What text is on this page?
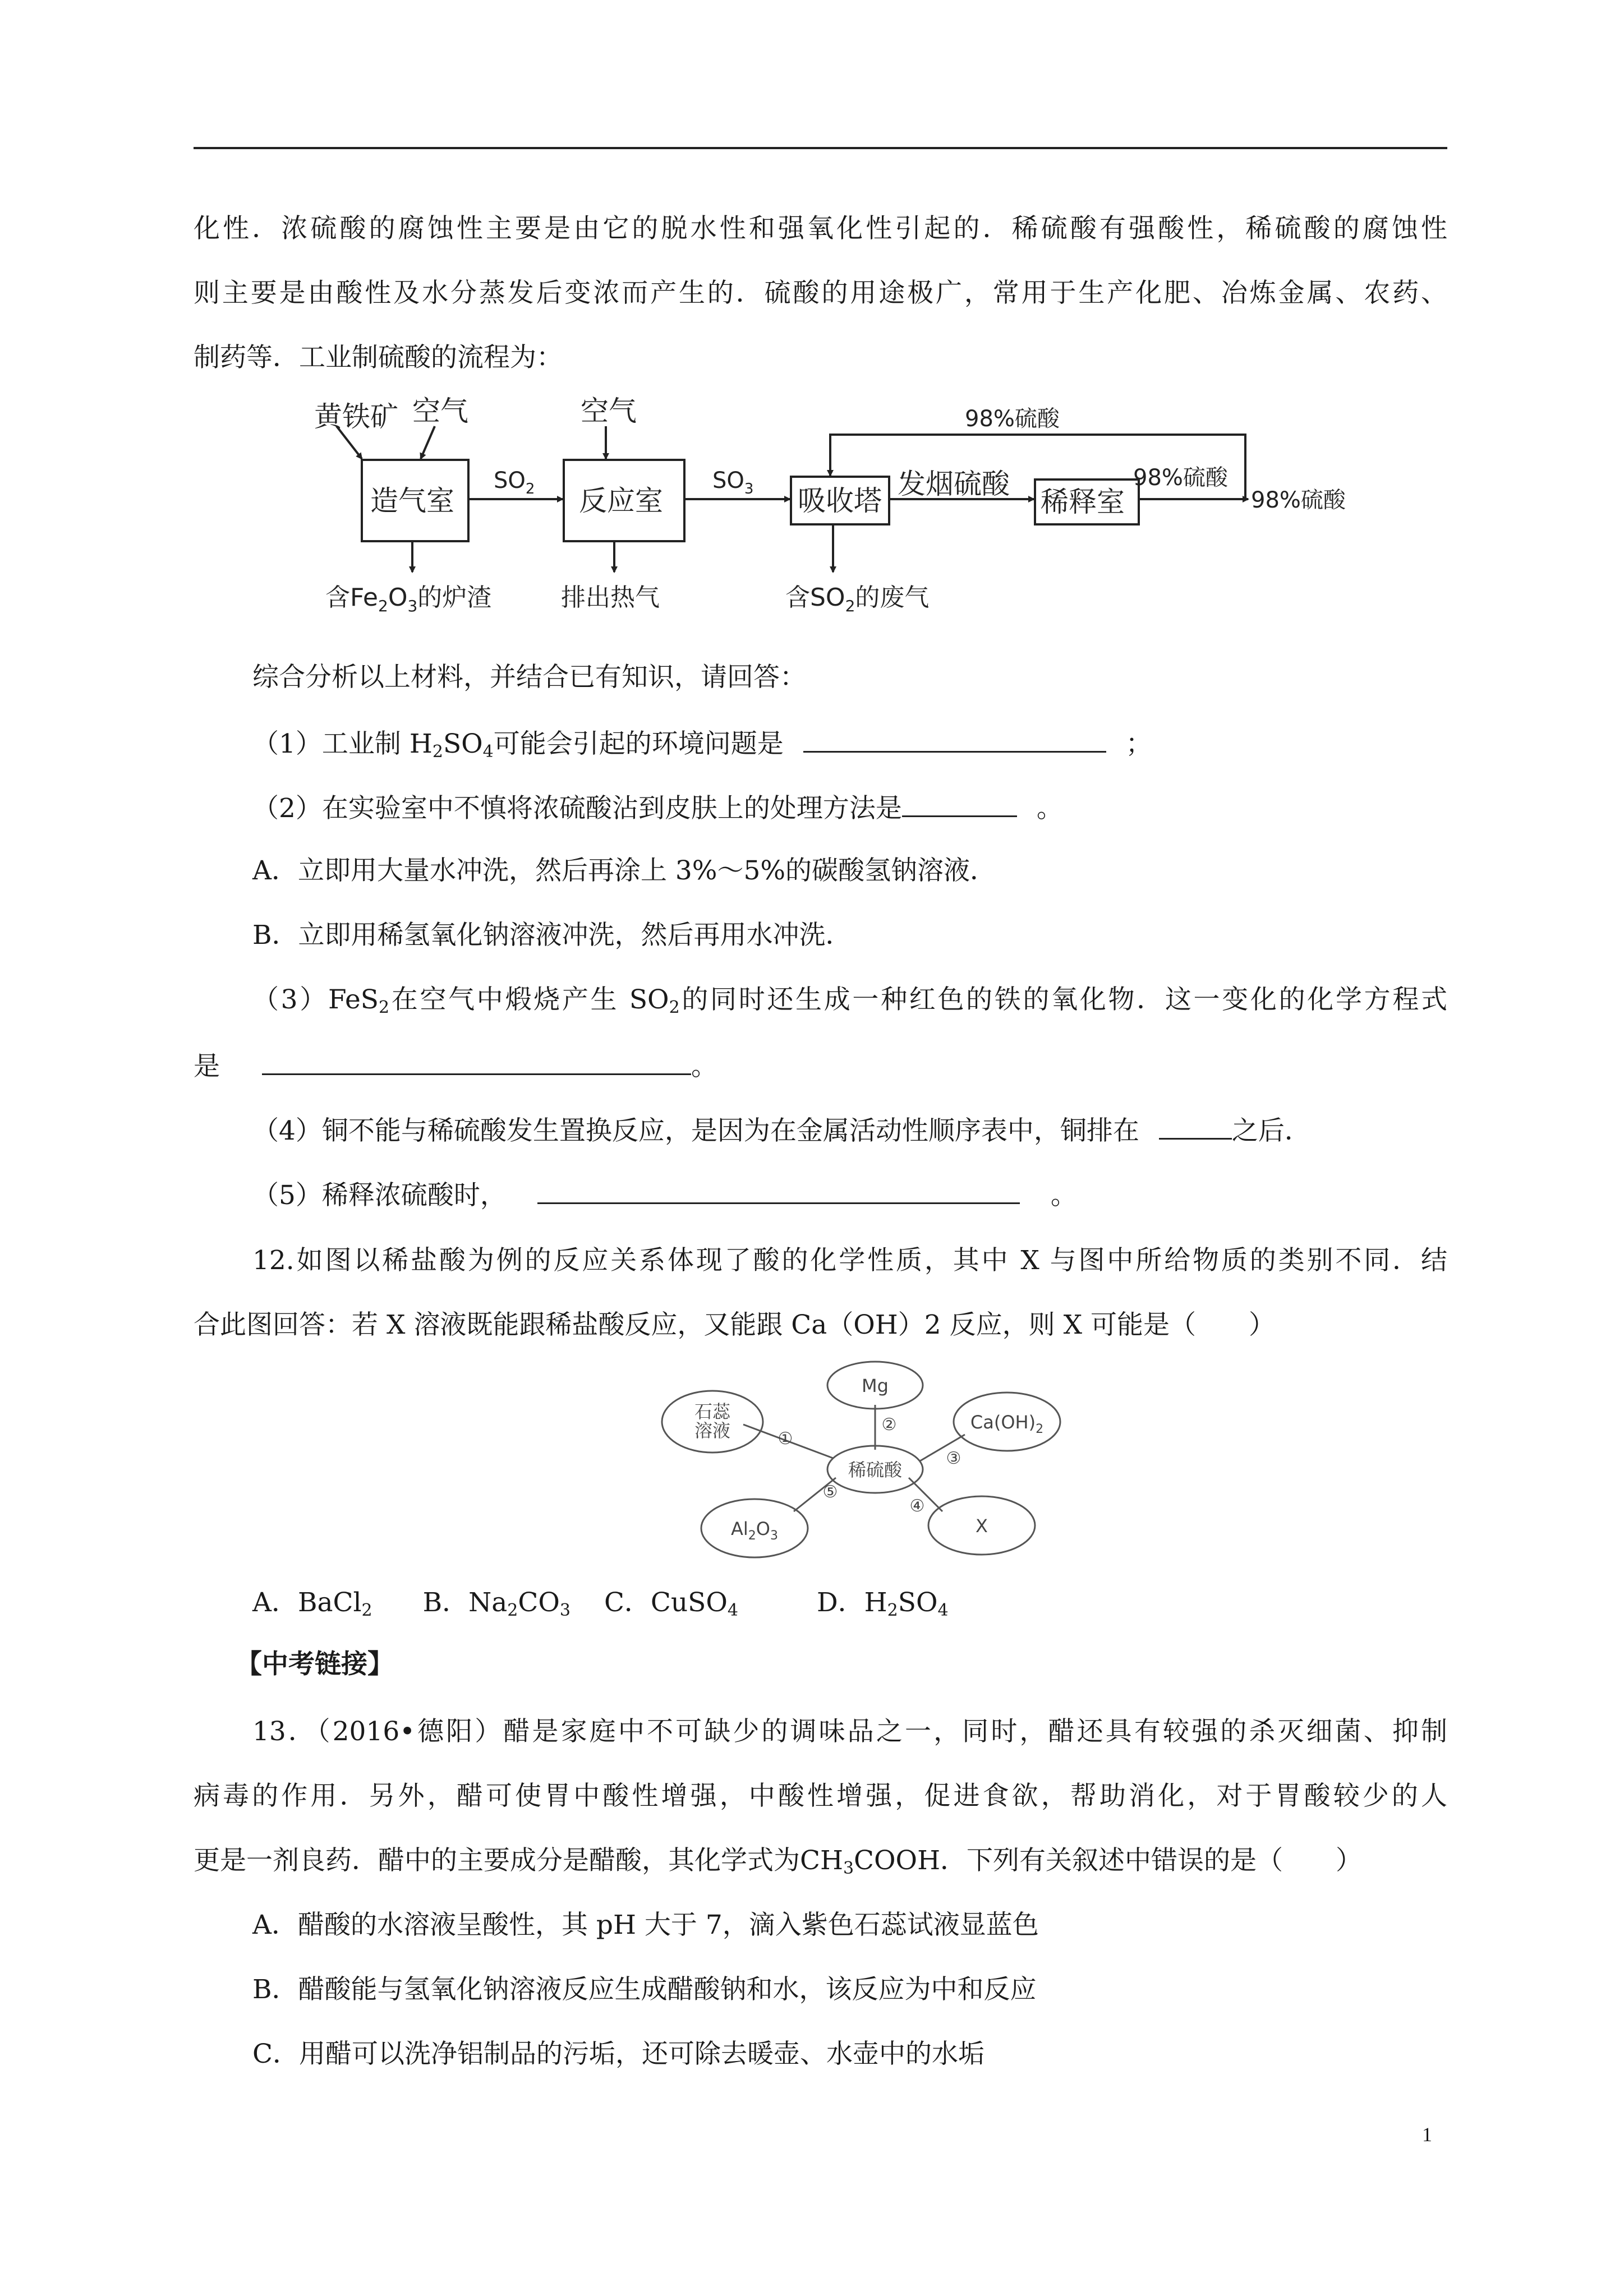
化性．浓硫酸的腐蚀性主要是由它的脱水性和强氧化性引起的．稀硫酸有强酸性，稀硫酸的腐蚀性
则主要是由酸性及水分蒸发后变浓而产生的．硫酸的用途极广，常用于生产化肥、冶炼金属、农药、
制药等．工业制硫酸的流程为：
黄铁矿 空气
造气室
空气
反应室	吸收塔
发烟硫酸
稀释室
$SO_2$	$SO_3$
98%硫酸
98%硫酸
98%硫酸
含$Fe_2O_3$的炉渣	排出热气	含$SO_2$的废气
综合分析以上材料，并结合已有知识，请回答：
（1）工业制 $H_2SO_4$可能会引起的环境问题是	；
（2）在实验室中不慎将浓硫酸沾到皮肤上的处理方法是	。
A．立即用大量水冲洗，然后再涂上 3%～5%的碳酸氢钠溶液．
B．立即用稀氢氧化钠溶液冲洗，然后再用水冲洗．
（3）FeS$_2$在空气中煅烧产生 $SO_2$的同时还生成一种红色的铁的氧化物．这一变化的化学方程式
是	。
（4）铜不能与稀硫酸发生置换反应，是因为在金属活动性顺序表中，铜排在	之后．
（5）稀释浓硫酸时，	。
12.如图以稀盐酸为例的反应关系体现了酸的化学性质，其中 X 与图中所给物质的类别不同．结
合此图回答：若 X 溶液既能跟稀盐酸反应，又能跟 Ca（OH）2 反应，则 X 可能是（　　）
稀硫酸
石蕊
溶液
Mg
$Ca(OH)_2$
X
$Al_2O_3$
①
②
③
④
⑤
A．BaCl$_2$ B．$Na_2CO_3$ C．CuSO$_4$	D．$H_2SO_4$
【中考链接】
13．（2016•德阳）醋是家庭中不可缺少的调味品之一，同时，醋还具有较强的杀灭细菌、抑制
病毒的作用．另外，醋可使胃中酸性增强，中酸性增强，促进食欲，帮助消化，对于胃酸较少的人
更是一剂良药．醋中的主要成分是醋酸，其化学式为$CH_3COOH$．下列有关叙述中错误的是（　　）
A．醋酸的水溶液呈酸性，其 pH 大于 7，滴入紫色石蕊试液显蓝色
B．醋酸能与氢氧化钠溶液反应生成醋酸钠和水，该反应为中和反应
C．用醋可以洗净铝制品的污垢，还可除去暖壶、水壶中的水垢
1
